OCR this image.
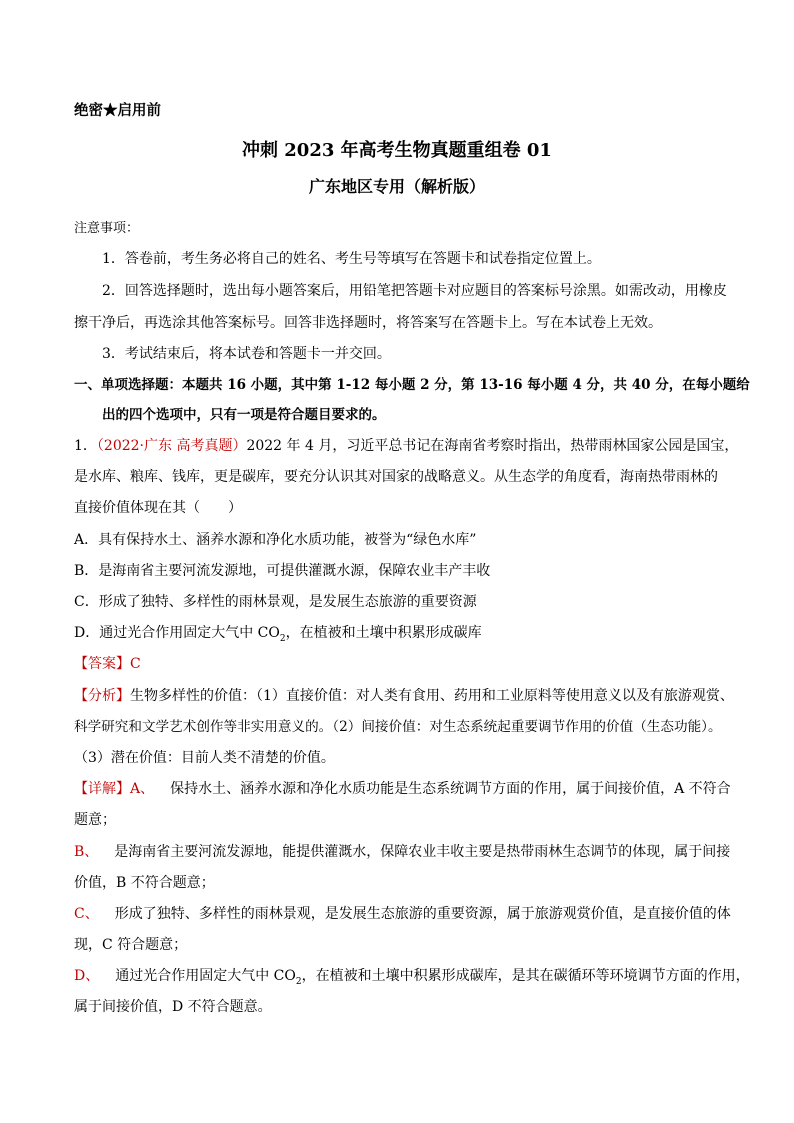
绝密★启用前
冲刺 2023 年高考生物真题重组卷 01
广东地区专用（解析版）
注意事项：
1．答卷前，考生务必将自己的姓名、考生号等填写在答题卡和试卷指定位置上。
2．回答选择题时，选出每小题答案后，用铅笔把答题卡对应题目的答案标号涂黑。如需改动，用橡皮
擦干净后，再选涂其他答案标号。回答非选择题时，将答案写在答题卡上。写在本试卷上无效。
3．考试结束后，将本试卷和答题卡一并交回。
一、单项选择题：本题共 16 小题，其中第 1-12 每小题 2 分，第 13-16 每小题 4 分，共 40 分，在每小题给
出的四个选项中，只有一项是符合题目要求的。
1．（2022·广东 高考真题）2022 年 4 月，习近平总书记在海南省考察时指出，热带雨林国家公园是国宝，
是水库、粮库、钱库，更是碳库，要充分认识其对国家的战略意义。从生态学的角度看，海南热带雨林的
直接价值体现在其（　　）
A．具有保持水土、涵养水源和净化水质功能，被誉为“绿色水库”
B．是海南省主要河流发源地，可提供灌溉水源，保障农业丰产丰收
C．形成了独特、多样性的雨林景观，是发展生态旅游的重要资源
D．通过光合作用固定大气中 $CO_2$，在植被和土壤中积累形成碳库
【答案】C
【分析】生物多样性的价值：（1）直接价值：对人类有食用、药用和工业原料等使用意义以及有旅游观赏、
科学研究和文学艺术创作等非实用意义的。（2）间接价值：对生态系统起重要调节作用的价值（生态功能）。
（3）潜在价值：目前人类不清楚的价值。
【详解】A、 保持水土、涵养水源和净化水质功能是生态系统调节方面的作用，属于间接价值，A 不符合
题意；
B、 是海南省主要河流发源地，能提供灌溉水，保障农业丰收主要是热带雨林生态调节的体现，属于间接
价值，B 不符合题意；
C、 形成了独特、多样性的雨林景观，是发展生态旅游的重要资源，属于旅游观赏价值，是直接价值的体
现，C 符合题意；
D、 通过光合作用固定大气中 $CO_2$，在植被和土壤中积累形成碳库，是其在碳循环等环境调节方面的作用，
属于间接价值，D 不符合题意。
